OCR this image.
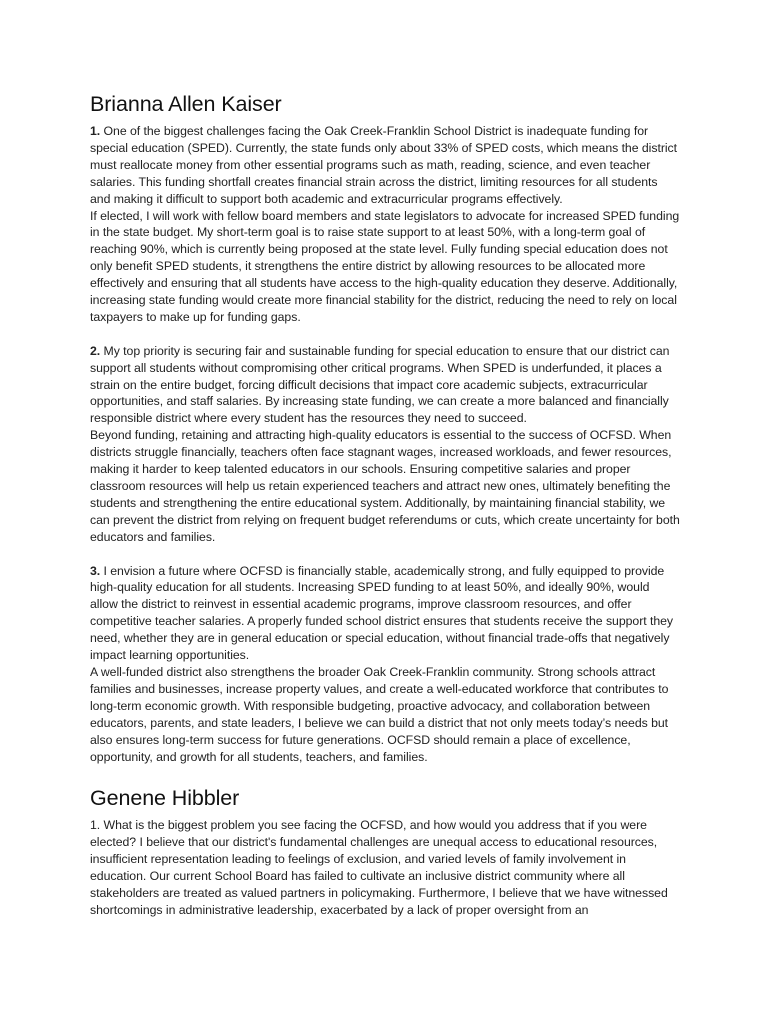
Brianna Allen Kaiser

1. One of the biggest challenges facing the Oak Creek-Franklin School District is inadequate funding for special education (SPED). Currently, the state funds only about 33% of SPED costs, which means the district must reallocate money from other essential programs such as math, reading, science, and even teacher salaries. This funding shortfall creates financial strain across the district, limiting resources for all students and making it difficult to support both academic and extracurricular programs effectively.

If elected, I will work with fellow board members and state legislators to advocate for increased SPED funding in the state budget. My short-term goal is to raise state support to at least 50%, with a long-term goal of reaching 90%, which is currently being proposed at the state level. Fully funding special education does not only benefit SPED students, it strengthens the entire district by allowing resources to be allocated more effectively and ensuring that all students have access to the high-quality education they deserve. Additionally, increasing state funding would create more financial stability for the district, reducing the need to rely on local taxpayers to make up for funding gaps.

2. My top priority is securing fair and sustainable funding for special education to ensure that our district can support all students without compromising other critical programs. When SPED is underfunded, it places a strain on the entire budget, forcing difficult decisions that impact core academic subjects, extracurricular opportunities, and staff salaries. By increasing state funding, we can create a more balanced and financially responsible district where every student has the resources they need to succeed.

Beyond funding, retaining and attracting high-quality educators is essential to the success of OCFSD. When districts struggle financially, teachers often face stagnant wages, increased workloads, and fewer resources, making it harder to keep talented educators in our schools. Ensuring competitive salaries and proper classroom resources will help us retain experienced teachers and attract new ones, ultimately benefiting the students and strengthening the entire educational system. Additionally, by maintaining financial stability, we can prevent the district from relying on frequent budget referendums or cuts, which create uncertainty for both educators and families.

3. I envision a future where OCFSD is financially stable, academically strong, and fully equipped to provide high-quality education for all students. Increasing SPED funding to at least 50%, and ideally 90%, would allow the district to reinvest in essential academic programs, improve classroom resources, and offer competitive teacher salaries. A properly funded school district ensures that students receive the support they need, whether they are in general education or special education, without financial trade-offs that negatively impact learning opportunities.

A well-funded district also strengthens the broader Oak Creek-Franklin community. Strong schools attract families and businesses, increase property values, and create a well-educated workforce that contributes to long-term economic growth. With responsible budgeting, proactive advocacy, and collaboration between educators, parents, and state leaders, I believe we can build a district that not only meets today’s needs but also ensures long-term success for future generations. OCFSD should remain a place of excellence, opportunity, and growth for all students, teachers, and families.

Genene Hibbler

1. What is the biggest problem you see facing the OCFSD, and how would you address that if you were elected? I believe that our district's fundamental challenges are unequal access to educational resources, insufficient representation leading to feelings of exclusion, and varied levels of family involvement in education. Our current School Board has failed to cultivate an inclusive district community where all stakeholders are treated as valued partners in policymaking. Furthermore, I believe that we have witnessed shortcomings in administrative leadership, exacerbated by a lack of proper oversight from an
